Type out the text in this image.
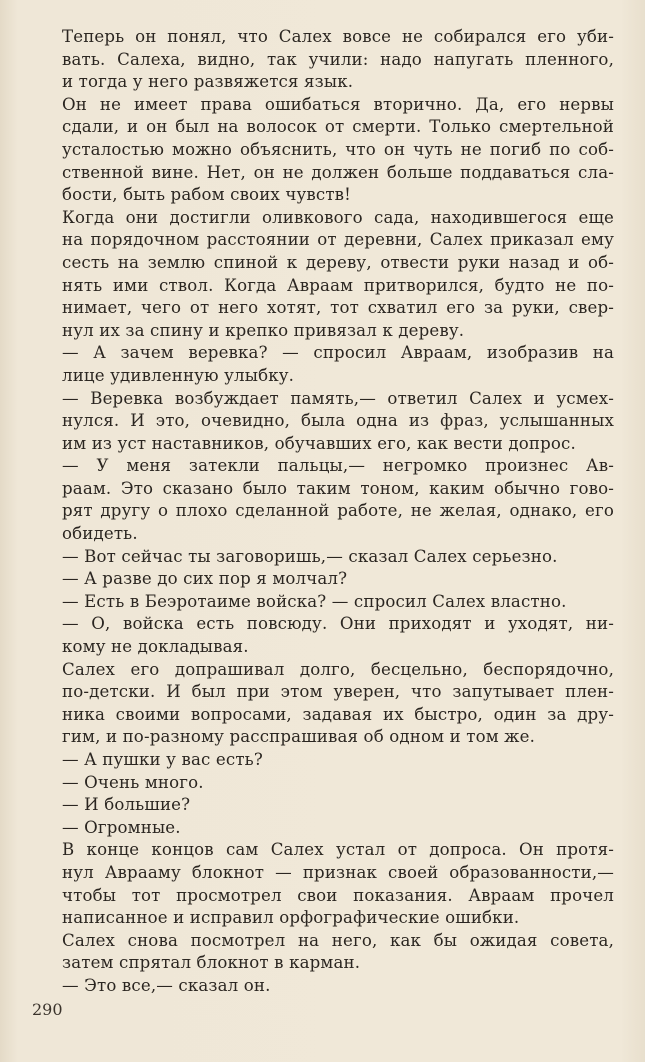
Теперь он понял, что Салех вовсе не собирался его уби-
вать. Салеха, видно, так учили: надо напугать пленного,
и тогда у него развяжется язык.
Он не имеет права ошибаться вторично. Да, его нервы
сдали, и он был на волосок от смерти. Только смертельной
усталостью можно объяснить, что он чуть не погиб по соб-
ственной вине. Нет, он не должен больше поддаваться сла-
бости, быть рабом своих чувств!
Когда они достигли оливкового сада, находившегося еще
на порядочном расстоянии от деревни, Салех приказал ему
сесть на землю спиной к дереву, отвести руки назад и об-
нять ими ствол. Когда Авраам притворился, будто не по-
нимает, чего от него хотят, тот схватил его за руки, свер-
нул их за спину и крепко привязал к дереву.
— А зачем веревка? — спросил Авраам, изобразив на
лице удивленную улыбку.
— Веревка возбуждает память,— ответил Салех и усмех-
нулся. И это, очевидно, была одна из фраз, услышанных
им из уст наставников, обучавших его, как вести допрос.
— У меня затекли пальцы,— негромко произнес Ав-
раам. Это сказано было таким тоном, каким обычно гово-
рят другу о плохо сделанной работе, не желая, однако, его
обидеть.
— Вот сейчас ты заговоришь,— сказал Салех серьезно.
— А разве до сих пор я молчал?
— Есть в Беэротаиме войска? — спросил Салех властно.
— О, войска есть повсюду. Они приходят и уходят, ни-
кому не докладывая.
Салех его допрашивал долго, бесцельно, беспорядочно,
по-детски. И был при этом уверен, что запутывает плен-
ника своими вопросами, задавая их быстро, один за дру-
гим, и по-разному расспрашивая об одном и том же.
— А пушки у вас есть?
— Очень много.
— И большие?
— Огромные.
В конце концов сам Салех устал от допроса. Он протя-
нул Аврааму блокнот — признак своей образованности,—
чтобы тот просмотрел свои показания. Авраам прочел
написанное и исправил орфографические ошибки.
Салех снова посмотрел на него, как бы ожидая совета,
затем спрятал блокнот в карман.
— Это все,— сказал он.
290
